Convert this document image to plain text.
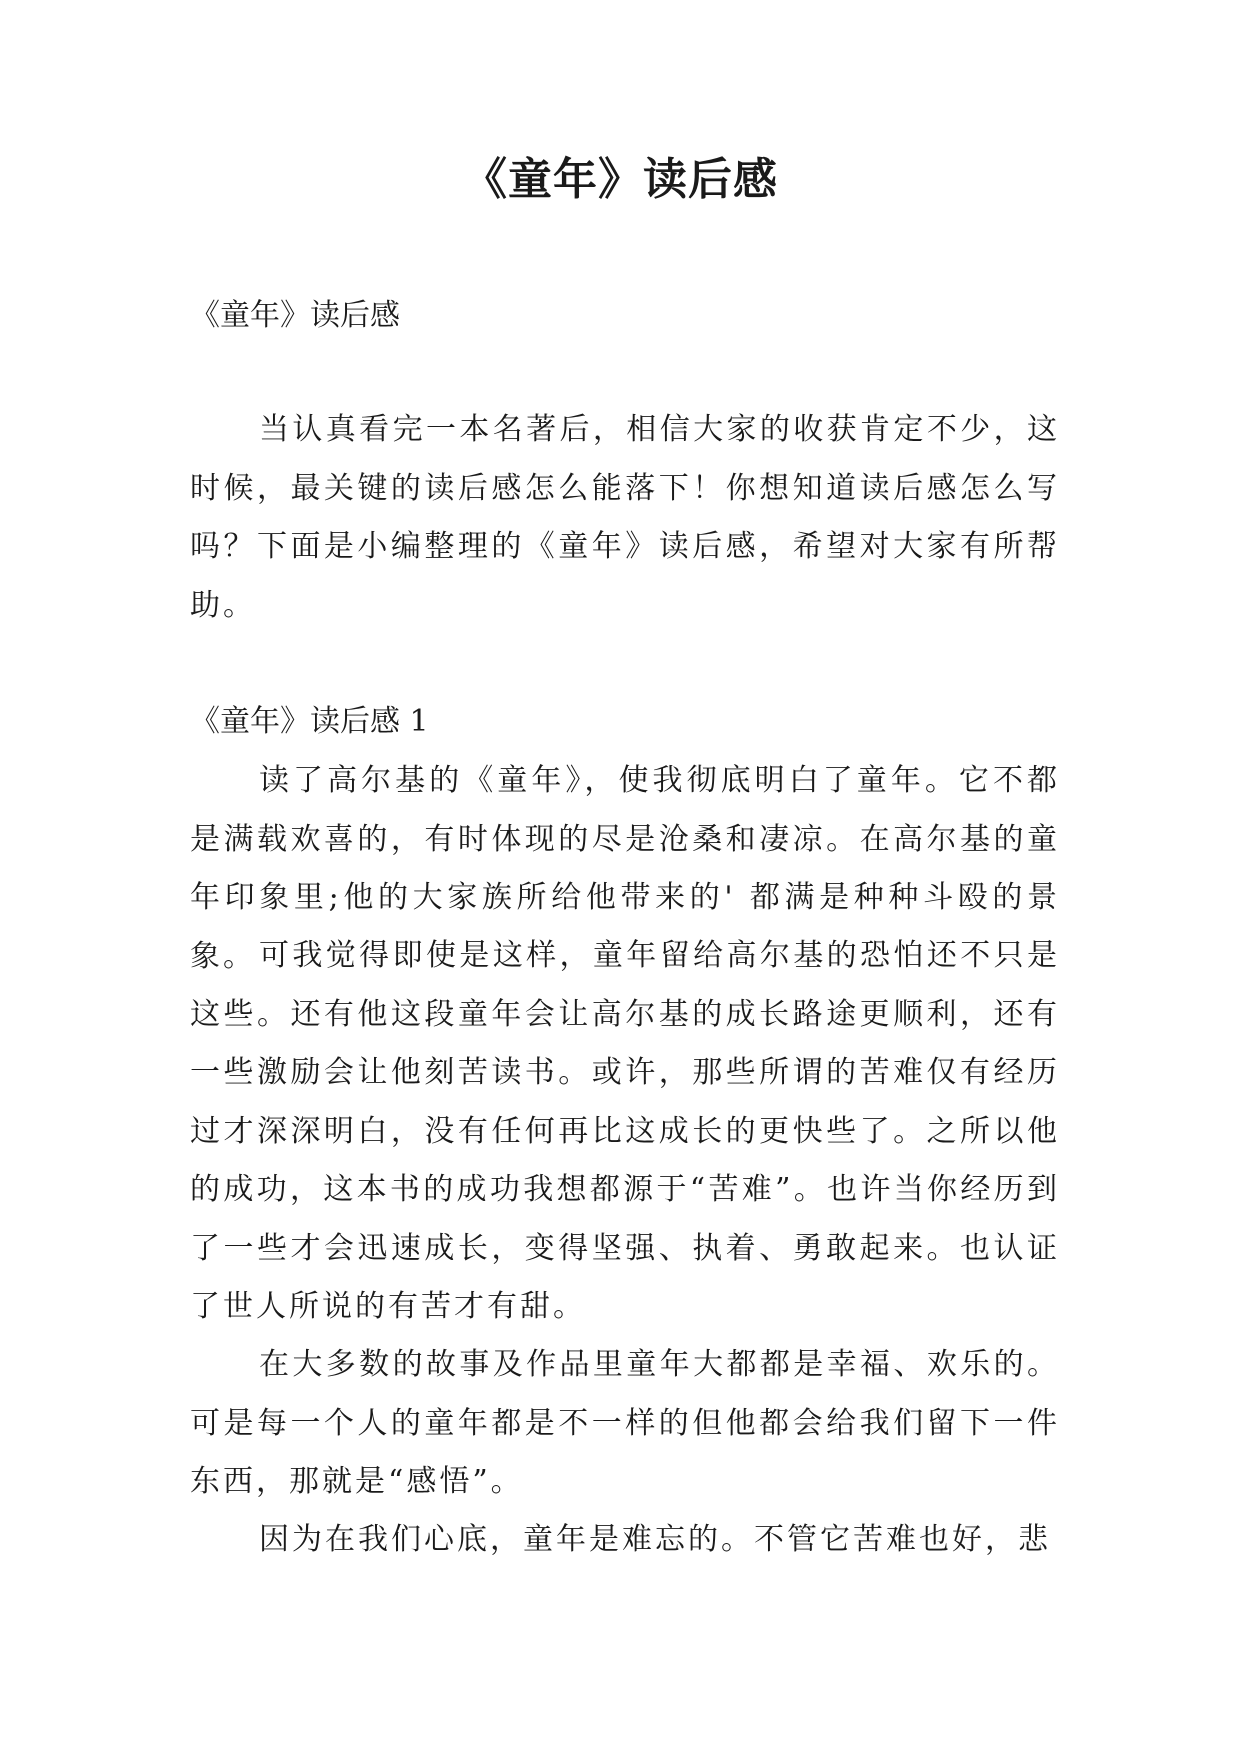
《童年》读后感
《童年》读后感
当认真看完一本名著后，相信大家的收获肯定不少，这时候，最关键的读后感怎么能落下！你想知道读后感怎么写吗？下面是小编整理的《童年》读后感，希望对大家有所帮助。
《童年》读后感 1
读了高尔基的《童年》，使我彻底明白了童年。它不都是满载欢喜的，有时体现的尽是沧桑和凄凉。在高尔基的童年印象里;他的大家族所给他带来的' 都满是种种斗殴的景象。 可我觉得即使是这样，童年留给高尔基的恐怕还不只是这些。还有他这段童年会让高尔基的成长路途更顺利，还有一些激励会让他刻苦读书。或许，那些所谓的苦难仅有经历过才深深明白，没有任何再比这成长的更快些了。之所以他的成功，这本书的成功我想都源于“苦难”。也许当你经历到了一些才会迅速成长，变得坚强、执着、勇敢起来。也认证了世人所说的有苦才有甜。
在大多数的故事及作品里童年大都都是幸福、欢乐的。可是每一个人的童年都是不一样的但他都会给我们留下一件东西，那就是“感悟”。
因为在我们心底，童年是难忘的。不管它苦难也好，悲
